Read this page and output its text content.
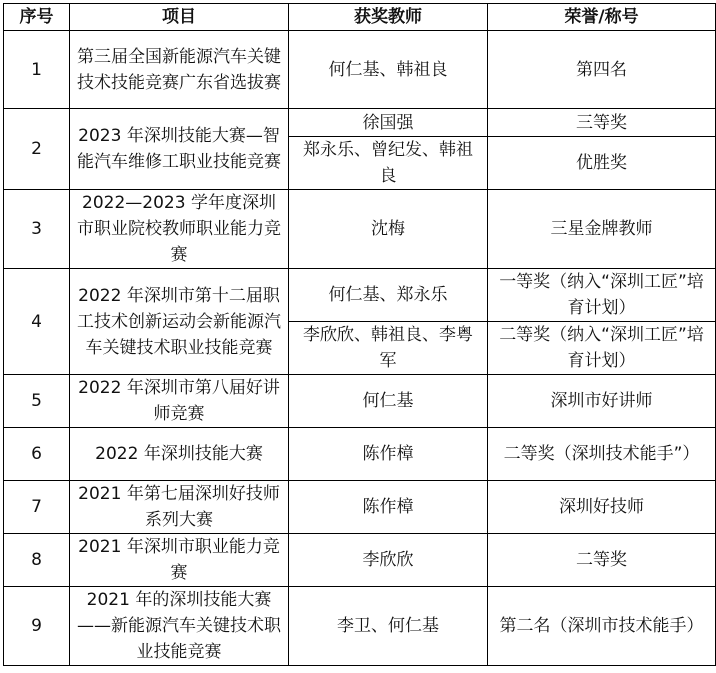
序号	项目	获奖教师	荣誉/称号
1	第三届全国新能源汽车关键技术技能竞赛广东省选拔赛	何仁基、韩祖良	第四名
2	2023 年深圳技能大赛—智能汽车维修工职业技能竞赛	徐国强	三等奖
		郑永乐、曾纪发、韩祖良	优胜奖
3	2022—2023 学年度深圳市职业院校教师职业能力竞赛	沈梅	三星金牌教师
4	2022 年深圳市第十二届职工技术创新运动会新能源汽车关键技术职业技能竞赛	何仁基、郑永乐	一等奖（纳入“深圳工匠”培育计划）
		李欣欣、韩祖良、李粤军	二等奖（纳入“深圳工匠”培育计划）
5	2022 年深圳市第八届好讲师竞赛	何仁基	深圳市好讲师
6	2022 年深圳技能大赛	陈作樟	二等奖（深圳技术能手”）
7	2021 年第七届深圳好技师系列大赛	陈作樟	深圳好技师
8	2021 年深圳市职业能力竞赛	李欣欣	二等奖
9	2021 年的深圳技能大赛——新能源汽车关键技术职业技能竞赛	李卫、何仁基	第二名（深圳市技术能手）
